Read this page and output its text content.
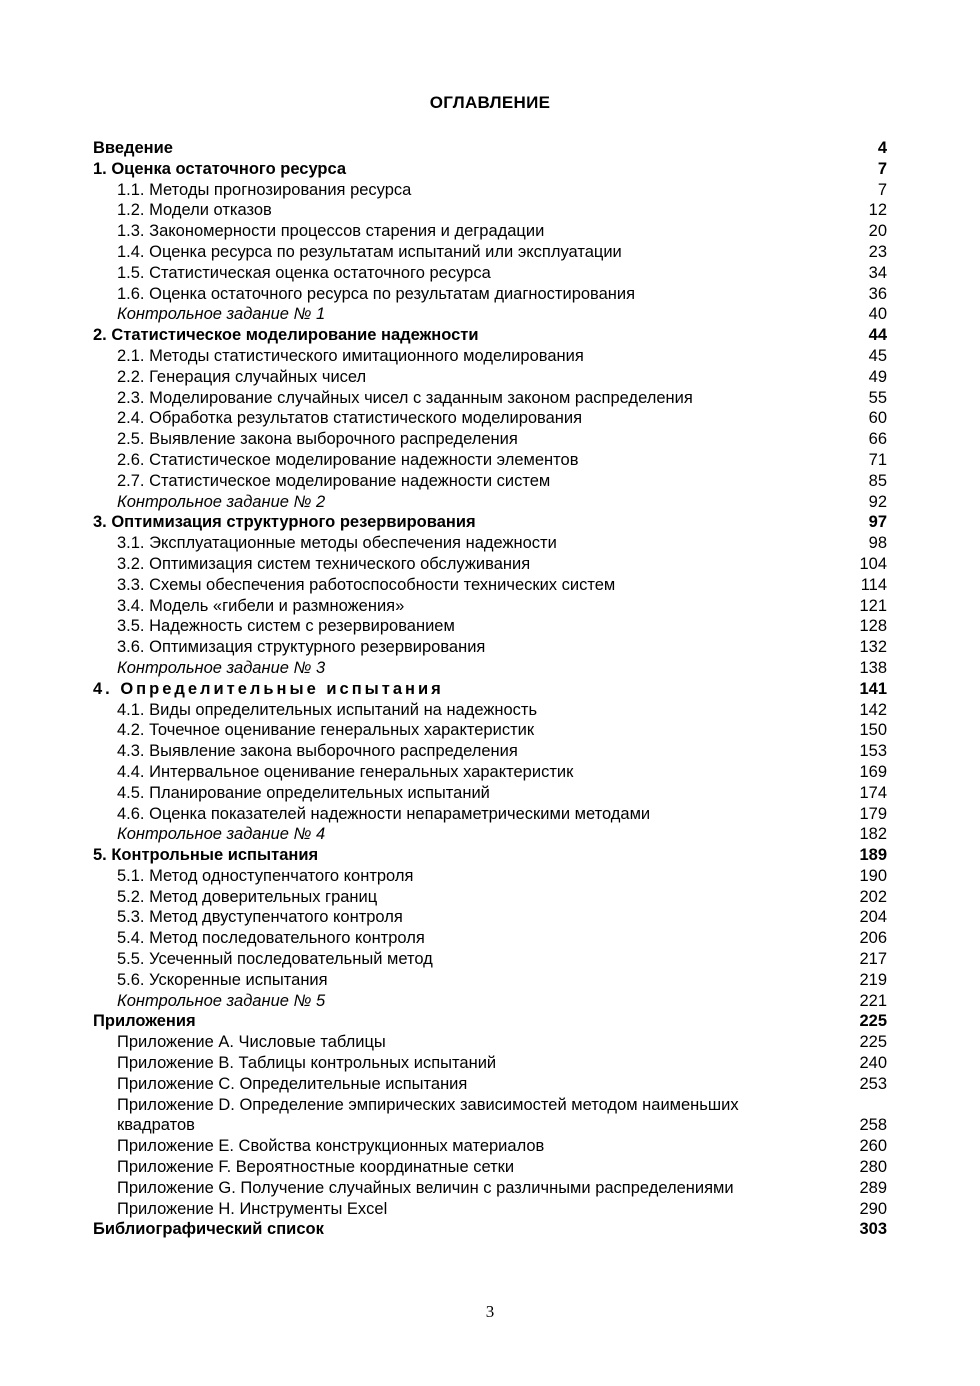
ОГЛАВЛЕНИЕ
Введение	4
1. Оценка остаточного ресурса	7
1.1. Методы прогнозирования ресурса	7
1.2. Модели отказов	12
1.3. Закономерности процессов старения и деградации	20
1.4. Оценка ресурса по результатам испытаний или эксплуатации	23
1.5. Статистическая оценка остаточного ресурса	34
1.6. Оценка остаточного ресурса по результатам диагностирования	36
Контрольное задание № 1	40
2. Статистическое моделирование надежности	44
2.1. Методы статистического имитационного моделирования	45
2.2. Генерация случайных чисел	49
2.3. Моделирование случайных чисел с заданным законом распределения	55
2.4. Обработка результатов статистического моделирования	60
2.5. Выявление закона выборочного распределения	66
2.6. Статистическое моделирование надежности элементов	71
2.7. Статистическое моделирование надежности систем	85
Контрольное задание № 2	92
3. Оптимизация структурного резервирования	97
3.1. Эксплуатационные методы обеспечения надежности	98
3.2. Оптимизация систем технического обслуживания	104
3.3. Схемы обеспечения работоспособности технических систем	114
3.4. Модель «гибели и размножения»	121
3.5. Надежность систем с резервированием	128
3.6. Оптимизация структурного резервирования	132
Контрольное задание № 3	138
4. Определительные испытания	141
4.1. Виды определительных испытаний на надежность	142
4.2. Точечное оценивание генеральных характеристик	150
4.3. Выявление закона выборочного распределения	153
4.4. Интервальное оценивание генеральных характеристик	169
4.5. Планирование определительных испытаний	174
4.6. Оценка показателей надежности непараметрическими методами	179
Контрольное задание № 4	182
5. Контрольные испытания	189
5.1. Метод одноступенчатого контроля	190
5.2. Метод доверительных границ	202
5.3. Метод двуступенчатого контроля	204
5.4. Метод последовательного контроля	206
5.5. Усеченный последовательный метод	217
5.6. Ускоренные испытания	219
Контрольное задание № 5	221
Приложения	225
Приложение A. Числовые таблицы	225
Приложение B. Таблицы контрольных испытаний	240
Приложение C. Определительные испытания	253
Приложение D. Определение эмпирических зависимостей методом наименьших квадратов	258
Приложение E. Свойства конструкционных материалов	260
Приложение F. Вероятностные координатные сетки	280
Приложение G. Получение случайных величин с различными распределениями	289
Приложение H. Инструменты Excel	290
Библиографический список	303
3
